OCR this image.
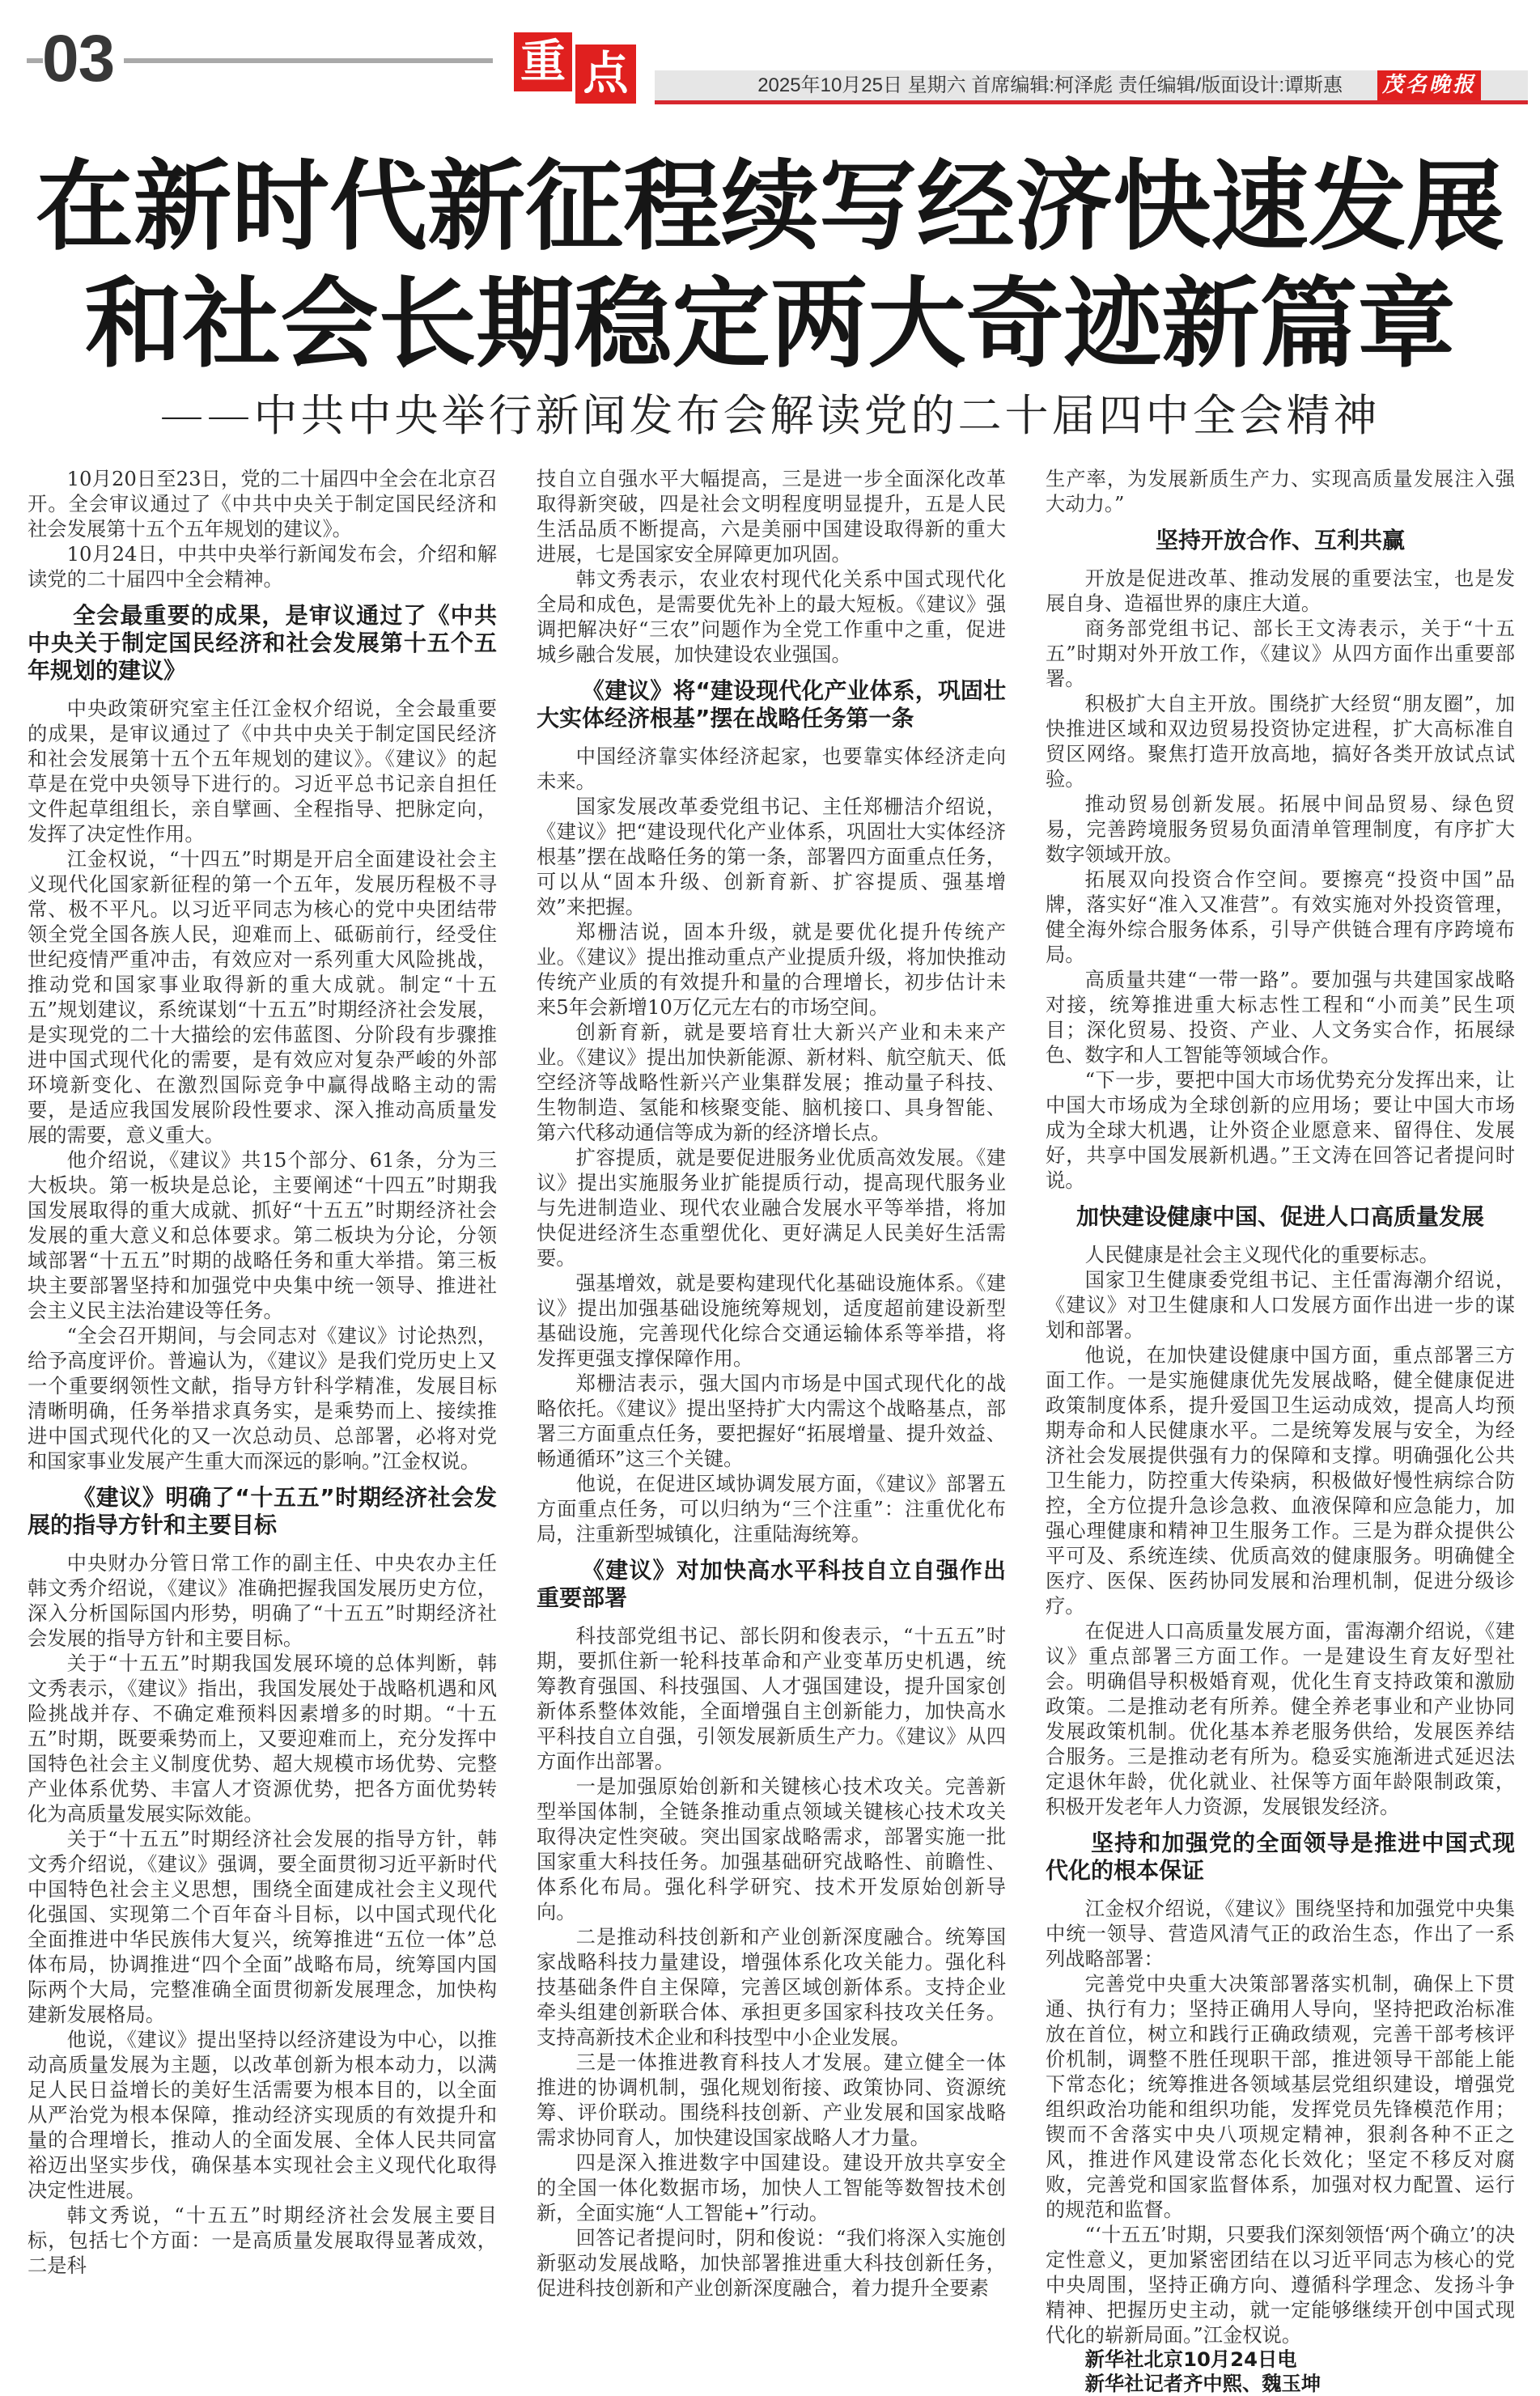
03	重 点	2025年10月25日 星期六 首席编辑:柯泽彪 责任编辑/版面设计:谭斯惠 茂名晚报
在新时代新征程续写经济快速发展
和社会长期稳定两大奇迹新篇章
——中共中央举行新闻发布会解读党的二十届四中全会精神

10月20日至23日，党的二十届四中全会在北京召开。全会审议通过了《中共中央关于制定国民经济和社会发展第十五个五年规划的建议》。

10月24日，中共中央举行新闻发布会，介绍和解读党的二十届四中全会精神。

全会最重要的成果，是审议通过了《中共中央关于制定国民经济和社会发展第十五个五年规划的建议》

中央政策研究室主任江金权介绍说，全会最重要的成果，是审议通过了《中共中央关于制定国民经济和社会发展第十五个五年规划的建议》。《建议》的起草是在党中央领导下进行的。习近平总书记亲自担任文件起草组组长，亲自擘画、全程指导、把脉定向，发挥了决定性作用。

江金权说，“十四五”时期是开启全面建设社会主义现代化国家新征程的第一个五年，发展历程极不寻常、极不平凡。以习近平同志为核心的党中央团结带领全党全国各族人民，迎难而上、砥砺前行，经受住世纪疫情严重冲击，有效应对一系列重大风险挑战，推动党和国家事业取得新的重大成就。制定“十五五”规划建议，系统谋划“十五五”时期经济社会发展，是实现党的二十大描绘的宏伟蓝图、分阶段有步骤推进中国式现代化的需要，是有效应对复杂严峻的外部环境新变化、在激烈国际竞争中赢得战略主动的需要，是适应我国发展阶段性要求、深入推动高质量发展的需要，意义重大。

他介绍说，《建议》共15个部分、61条，分为三大板块。第一板块是总论，主要阐述“十四五”时期我国发展取得的重大成就、抓好“十五五”时期经济社会发展的重大意义和总体要求。第二板块为分论，分领域部署“十五五”时期的战略任务和重大举措。第三板块主要部署坚持和加强党中央集中统一领导、推进社会主义民主法治建设等任务。

“全会召开期间，与会同志对《建议》讨论热烈，给予高度评价。普遍认为，《建议》是我们党历史上又一个重要纲领性文献，指导方针科学精准，发展目标清晰明确，任务举措求真务实，是乘势而上、接续推进中国式现代化的又一次总动员、总部署，必将对党和国家事业发展产生重大而深远的影响。”江金权说。

《建议》明确了“十五五”时期经济社会发展的指导方针和主要目标

中央财办分管日常工作的副主任、中央农办主任韩文秀介绍说，《建议》准确把握我国发展历史方位，深入分析国际国内形势，明确了“十五五”时期经济社会发展的指导方针和主要目标。

关于“十五五”时期我国发展环境的总体判断，韩文秀表示，《建议》指出，我国发展处于战略机遇和风险挑战并存、不确定难预料因素增多的时期。“十五五”时期，既要乘势而上，又要迎难而上，充分发挥中国特色社会主义制度优势、超大规模市场优势、完整产业体系优势、丰富人才资源优势，把各方面优势转化为高质量发展实际效能。

关于“十五五”时期经济社会发展的指导方针，韩文秀介绍说，《建议》强调，要全面贯彻习近平新时代中国特色社会主义思想，围绕全面建成社会主义现代化强国、实现第二个百年奋斗目标，以中国式现代化全面推进中华民族伟大复兴，统筹推进“五位一体”总体布局，协调推进“四个全面”战略布局，统筹国内国际两个大局，完整准确全面贯彻新发展理念，加快构建新发展格局。

他说，《建议》提出坚持以经济建设为中心，以推动高质量发展为主题，以改革创新为根本动力，以满足人民日益增长的美好生活需要为根本目的，以全面从严治党为根本保障，推动经济实现质的有效提升和量的合理增长，推动人的全面发展、全体人民共同富裕迈出坚实步伐，确保基本实现社会主义现代化取得决定性进展。

韩文秀说，“十五五”时期经济社会发展主要目标，包括七个方面：一是高质量发展取得显著成效，二是科

技自立自强水平大幅提高，三是进一步全面深化改革取得新突破，四是社会文明程度明显提升，五是人民生活品质不断提高，六是美丽中国建设取得新的重大进展，七是国家安全屏障更加巩固。

韩文秀表示，农业农村现代化关系中国式现代化全局和成色，是需要优先补上的最大短板。《建议》强调把解决好“三农”问题作为全党工作重中之重，促进城乡融合发展，加快建设农业强国。

《建议》将“建设现代化产业体系，巩固壮大实体经济根基”摆在战略任务第一条

中国经济靠实体经济起家，也要靠实体经济走向未来。

国家发展改革委党组书记、主任郑栅洁介绍说，《建议》把“建设现代化产业体系，巩固壮大实体经济根基”摆在战略任务的第一条，部署四方面重点任务，可以从“固本升级、创新育新、扩容提质、强基增效”来把握。

郑栅洁说，固本升级，就是要优化提升传统产业。《建议》提出推动重点产业提质升级，将加快推动传统产业质的有效提升和量的合理增长，初步估计未来5年会新增10万亿元左右的市场空间。

创新育新，就是要培育壮大新兴产业和未来产业。《建议》提出加快新能源、新材料、航空航天、低空经济等战略性新兴产业集群发展；推动量子科技、生物制造、氢能和核聚变能、脑机接口、具身智能、第六代移动通信等成为新的经济增长点。

扩容提质，就是要促进服务业优质高效发展。《建议》提出实施服务业扩能提质行动，提高现代服务业与先进制造业、现代农业融合发展水平等举措，将加快促进经济生态重塑优化、更好满足人民美好生活需要。

强基增效，就是要构建现代化基础设施体系。《建议》提出加强基础设施统筹规划，适度超前建设新型基础设施，完善现代化综合交通运输体系等举措，将发挥更强支撑保障作用。

郑栅洁表示，强大国内市场是中国式现代化的战略依托。《建议》提出坚持扩大内需这个战略基点，部署三方面重点任务，要把握好“拓展增量、提升效益、畅通循环”这三个关键。

他说，在促进区域协调发展方面，《建议》部署五方面重点任务，可以归纳为“三个注重”：注重优化布局，注重新型城镇化，注重陆海统筹。

《建议》对加快高水平科技自立自强作出重要部署

科技部党组书记、部长阴和俊表示，“十五五”时期，要抓住新一轮科技革命和产业变革历史机遇，统筹教育强国、科技强国、人才强国建设，提升国家创新体系整体效能，全面增强自主创新能力，加快高水平科技自立自强，引领发展新质生产力。《建议》从四方面作出部署。

一是加强原始创新和关键核心技术攻关。完善新型举国体制，全链条推动重点领域关键核心技术攻关取得决定性突破。突出国家战略需求，部署实施一批国家重大科技任务。加强基础研究战略性、前瞻性、体系化布局。强化科学研究、技术开发原始创新导向。

二是推动科技创新和产业创新深度融合。统筹国家战略科技力量建设，增强体系化攻关能力。强化科技基础条件自主保障，完善区域创新体系。支持企业牵头组建创新联合体、承担更多国家科技攻关任务。支持高新技术企业和科技型中小企业发展。

三是一体推进教育科技人才发展。建立健全一体推进的协调机制，强化规划衔接、政策协同、资源统筹、评价联动。围绕科技创新、产业发展和国家战略需求协同育人，加快建设国家战略人才力量。

四是深入推进数字中国建设。建设开放共享安全的全国一体化数据市场，加快人工智能等数智技术创新，全面实施“人工智能+”行动。

回答记者提问时，阴和俊说：“我们将深入实施创新驱动发展战略，加快部署推进重大科技创新任务，促进科技创新和产业创新深度融合，着力提升全要素

生产率，为发展新质生产力、实现高质量发展注入强大动力。”

坚持开放合作、互利共赢

开放是促进改革、推动发展的重要法宝，也是发展自身、造福世界的康庄大道。

商务部党组书记、部长王文涛表示，关于“十五五”时期对外开放工作，《建议》从四方面作出重要部署。

积极扩大自主开放。围绕扩大经贸“朋友圈”，加快推进区域和双边贸易投资协定进程，扩大高标准自贸区网络。聚焦打造开放高地，搞好各类开放试点试验。

推动贸易创新发展。拓展中间品贸易、绿色贸易，完善跨境服务贸易负面清单管理制度，有序扩大数字领域开放。

拓展双向投资合作空间。要擦亮“投资中国”品牌，落实好“准入又准营”。有效实施对外投资管理，健全海外综合服务体系，引导产供链合理有序跨境布局。

高质量共建“一带一路”。要加强与共建国家战略对接，统筹推进重大标志性工程和“小而美”民生项目；深化贸易、投资、产业、人文务实合作，拓展绿色、数字和人工智能等领域合作。

“下一步，要把中国大市场优势充分发挥出来，让中国大市场成为全球创新的应用场；要让中国大市场成为全球大机遇，让外资企业愿意来、留得住、发展好，共享中国发展新机遇。”王文涛在回答记者提问时说。

加快建设健康中国、促进人口高质量发展

人民健康是社会主义现代化的重要标志。

国家卫生健康委党组书记、主任雷海潮介绍说，《建议》对卫生健康和人口发展方面作出进一步的谋划和部署。

他说，在加快建设健康中国方面，重点部署三方面工作。一是实施健康优先发展战略，健全健康促进政策制度体系，提升爱国卫生运动成效，提高人均预期寿命和人民健康水平。二是统筹发展与安全，为经济社会发展提供强有力的保障和支撑。明确强化公共卫生能力，防控重大传染病，积极做好慢性病综合防控，全方位提升急诊急救、血液保障和应急能力，加强心理健康和精神卫生服务工作。三是为群众提供公平可及、系统连续、优质高效的健康服务。明确健全医疗、医保、医药协同发展和治理机制，促进分级诊疗。

在促进人口高质量发展方面，雷海潮介绍说，《建议》重点部署三方面工作。一是建设生育友好型社会。明确倡导积极婚育观，优化生育支持政策和激励政策。二是推动老有所养。健全养老事业和产业协同发展政策机制。优化基本养老服务供给，发展医养结合服务。三是推动老有所为。稳妥实施渐进式延迟法定退休年龄，优化就业、社保等方面年龄限制政策，积极开发老年人力资源，发展银发经济。

坚持和加强党的全面领导是推进中国式现代化的根本保证

江金权介绍说，《建议》围绕坚持和加强党中央集中统一领导、营造风清气正的政治生态，作出了一系列战略部署：

完善党中央重大决策部署落实机制，确保上下贯通、执行有力；坚持正确用人导向，坚持把政治标准放在首位，树立和践行正确政绩观，完善干部考核评价机制，调整不胜任现职干部，推进领导干部能上能下常态化；统筹推进各领域基层党组织建设，增强党组织政治功能和组织功能，发挥党员先锋模范作用；锲而不舍落实中央八项规定精神，狠刹各种不正之风，推进作风建设常态化长效化；坚定不移反对腐败，完善党和国家监督体系，加强对权力配置、运行的规范和监督。

“‘十五五’时期，只要我们深刻领悟‘两个确立’的决定性意义，更加紧密团结在以习近平同志为核心的党中央周围，坚持正确方向、遵循科学理念、发扬斗争精神、把握历史主动，就一定能够继续开创中国式现代化的崭新局面。”江金权说。

新华社北京10月24日电

新华社记者齐中熙、魏玉坤
